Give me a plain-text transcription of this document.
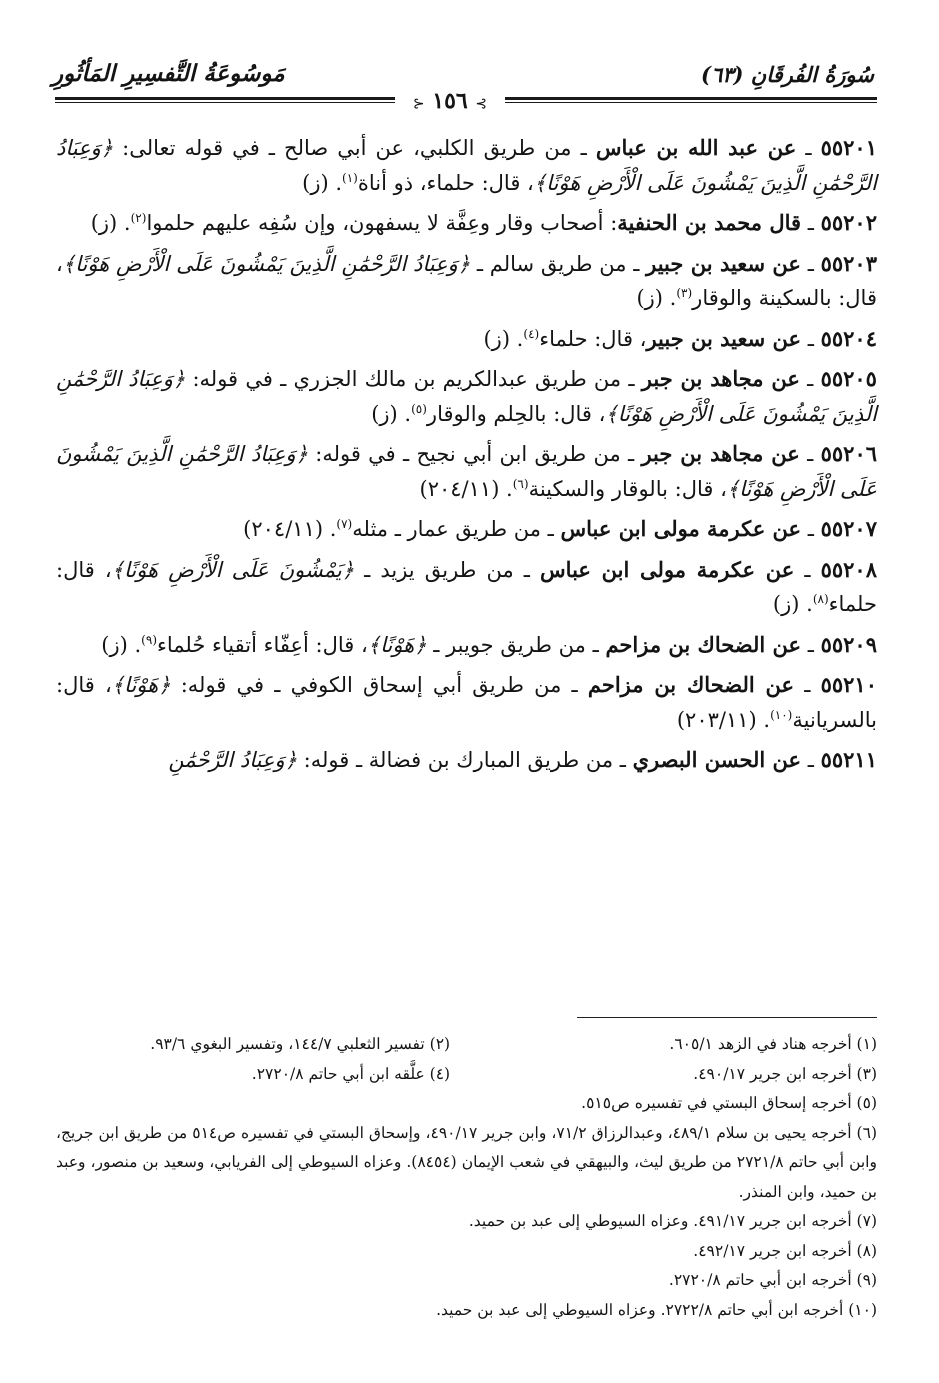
سُورَةُ الفُرقَانِ (٦٣)
مَوسُوعَةُ التَّفسِيرِ المَأثُورِ
⊱ ١٥٦ ⊰

٥٥٢٠١ ـ عن عبد الله بن عباس ـ من طريق الكلبي، عن أبي صالح ـ في قوله تعالى: ﴿وَعِبَادُ الرَّحْمَٰنِ الَّذِينَ يَمْشُونَ عَلَى الْأَرْضِ هَوْنًا﴾، قال: حلماء، ذو أناة$^{(١)}$. (ز)

٥٥٢٠٢ ـ قال محمد بن الحنفية: أصحاب وقار وعِفَّة لا يسفهون، وإن سُفِه عليهم حلموا$^{(٢)}$. (ز)

٥٥٢٠٣ ـ عن سعيد بن جبير ـ من طريق سالم ـ ﴿وَعِبَادُ الرَّحْمَٰنِ الَّذِينَ يَمْشُونَ عَلَى الْأَرْضِ هَوْنًا﴾، قال: بالسكينة والوقار$^{(٣)}$. (ز)

٥٥٢٠٤ ـ عن سعيد بن جبير، قال: حلماء$^{(٤)}$. (ز)

٥٥٢٠٥ ـ عن مجاهد بن جبر ـ من طريق عبدالكريم بن مالك الجزري ـ في قوله: ﴿وَعِبَادُ الرَّحْمَٰنِ الَّذِينَ يَمْشُونَ عَلَى الْأَرْضِ هَوْنًا﴾، قال: بالحِلم والوقار$^{(٥)}$. (ز)

٥٥٢٠٦ ـ عن مجاهد بن جبر ـ من طريق ابن أبي نجيح ـ في قوله: ﴿وَعِبَادُ الرَّحْمَٰنِ الَّذِينَ يَمْشُونَ عَلَى الْأَرْضِ هَوْنًا﴾، قال: بالوقار والسكينة$^{(٦)}$. (٢٠٤/١١)

٥٥٢٠٧ ـ عن عكرمة مولى ابن عباس ـ من طريق عمار ـ مثله$^{(٧)}$. (٢٠٤/١١)

٥٥٢٠٨ ـ عن عكرمة مولى ابن عباس ـ من طريق يزيد ـ ﴿يَمْشُونَ عَلَى الْأَرْضِ هَوْنًا﴾، قال: حلماء$^{(٨)}$. (ز)

٥٥٢٠٩ ـ عن الضحاك بن مزاحم ـ من طريق جويبر ـ ﴿هَوْنًا﴾، قال: أعِفّاء أتقياء حُلماء$^{(٩)}$. (ز)

٥٥٢١٠ ـ عن الضحاك بن مزاحم ـ من طريق أبي إسحاق الكوفي ـ في قوله: ﴿هَوْنًا﴾، قال: بالسريانية$^{(١٠)}$. (٢٠٣/١١)

٥٥٢١١ ـ عن الحسن البصري ـ من طريق المبارك بن فضالة ـ قوله: ﴿وَعِبَادُ الرَّحْمَٰنِ

(١) أخرجه هناد في الزهد ٦٠٥/١.
(٢) تفسير الثعلبي ١٤٤/٧، وتفسير البغوي ٩٣/٦.
(٣) أخرجه ابن جرير ٤٩٠/١٧.
(٤) علَّقه ابن أبي حاتم ٢٧٢٠/٨.
(٥) أخرجه إسحاق البستي في تفسيره ص٥١٥.
(٦) أخرجه يحيى بن سلام ٤٨٩/١، وعبدالرزاق ٧١/٢، وابن جرير ٤٩٠/١٧، وإسحاق البستي في تفسيره ص٥١٤ من طريق ابن جريج، وابن أبي حاتم ٢٧٢١/٨ من طريق ليث، والبيهقي في شعب الإيمان (٨٤٥٤). وعزاه السيوطي إلى الفريابي، وسعيد بن منصور، وعبد بن حميد، وابن المنذر.
(٧) أخرجه ابن جرير ٤٩١/١٧. وعزاه السيوطي إلى عبد بن حميد.
(٨) أخرجه ابن جرير ٤٩٢/١٧.
(٩) أخرجه ابن أبي حاتم ٢٧٢٠/٨.
(١٠) أخرجه ابن أبي حاتم ٢٧٢٢/٨. وعزاه السيوطي إلى عبد بن حميد.
